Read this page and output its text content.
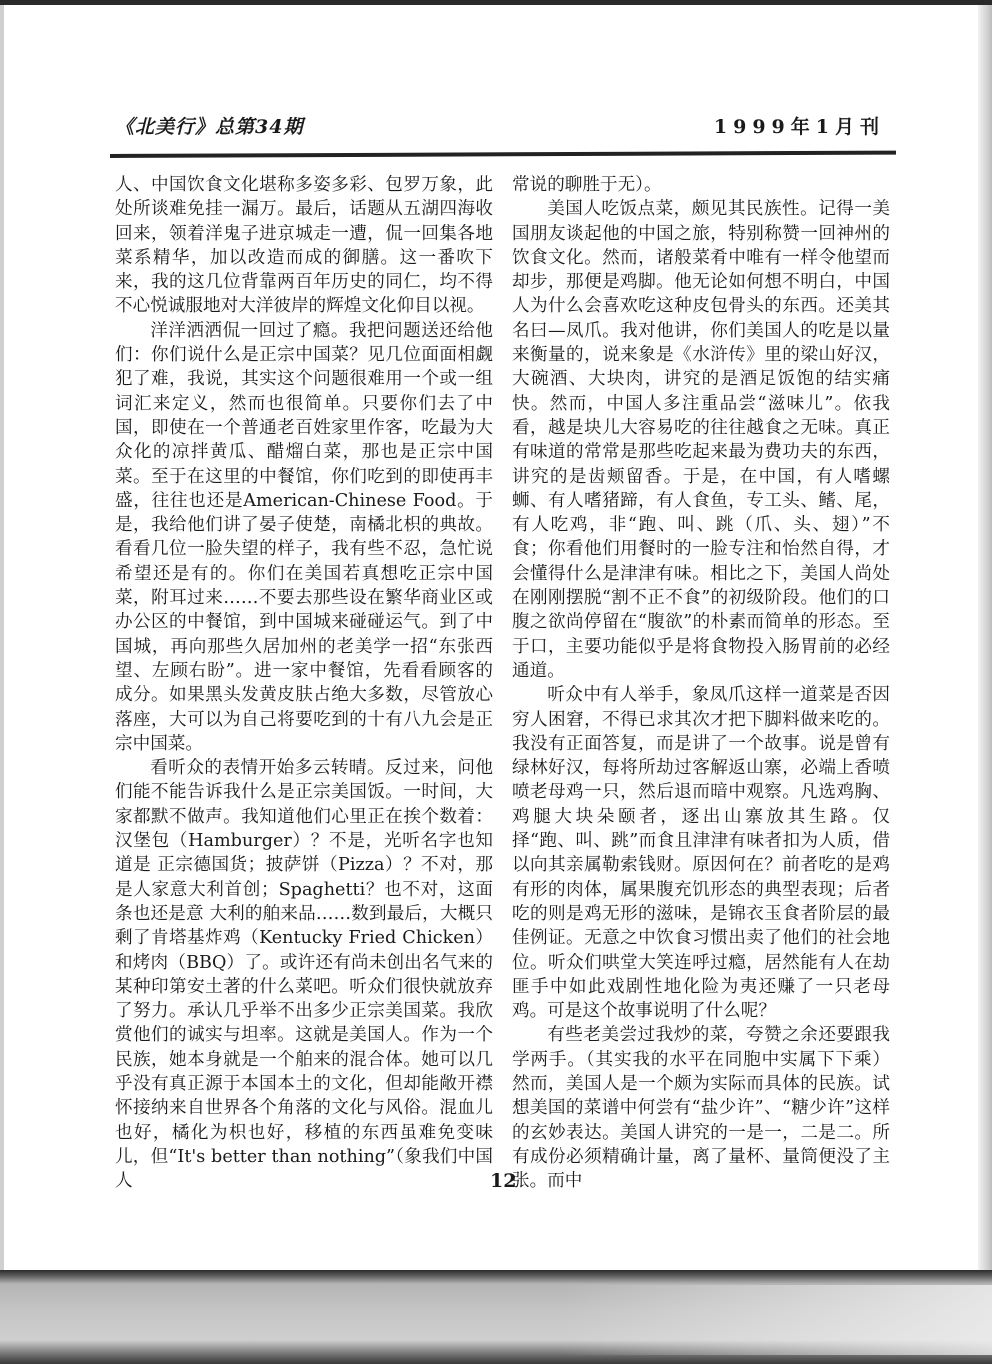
《北美行》总第34期	1999年1月刊

人、中国饮食文化堪称多姿多彩、包罗万象，此处所谈难免挂一漏万。最后，话题从五湖四海收回来，领着洋鬼子进京城走一遭，侃一回集各地菜系精华，加以改造而成的御膳。这一番吹下来，我的这几位背靠两百年历史的同仁，均不得不心悦诚服地对大洋彼岸的辉煌文化仰目以视。

洋洋洒洒侃一回过了瘾。我把问题送还给他们：你们说什么是正宗中国菜？见几位面面相觑犯了难，我说，其实这个问题很难用一个或一组词汇来定义，然而也很简单。只要你们去了中国，即使在一个普通老百姓家里作客，吃最为大众化的凉拌黄瓜、醋熘白菜，那也是正宗中国菜。至于在这里的中餐馆，你们吃到的即使再丰盛，往往也还是American-Chinese Food。于是，我给他们讲了晏子使楚，南橘北枳的典故。看看几位一脸失望的样子，我有些不忍，急忙说希望还是有的。你们在美国若真想吃正宗中国菜，附耳过来……不要去那些设在繁华商业区或办公区的中餐馆，到中国城来碰碰运气。到了中国城，再向那些久居加州的老美学一招“东张西 望、左顾右盼”。进一家中餐馆，先看看顾客的成分。如果黑头发黄皮肤占绝大多数，尽管放心落座，大可以为自己将要吃到的十有八九会是正宗中国菜。

看听众的表情开始多云转晴。反过来，问他们能不能告诉我什么是正宗美国饭。一时间，大 家都默不做声。我知道他们心里正在挨个数着：汉堡包（Hamburger）？不是，光听名字也知道是 正宗德国货；披萨饼（Pizza）？不对，那是人家意大利首创；Spaghetti？也不对，这面条也还是意 大利的舶来品……数到最后，大概只剩了肯塔基炸鸡（Kentucky Fried Chicken）和烤肉（BBQ）了。或许还有尚未创出名气来的某种印第安土著的什么菜吧。听众们很快就放弃了努力。承认几乎举不出多少正宗美国菜。我欣赏他们的诚实与坦率。这就是美国人。作为一个民族，她本身就是一个舶来的混合体。她可以几乎没有真正源于本国本土的文化，但却能敞开襟怀接纳来自世界各个角落的文化与风俗。混血儿也好，橘化为枳也好，移植的东西虽难免变味儿，但“It's better than nothing”（象我们中国人

常说的聊胜于无）。

美国人吃饭点菜，颇见其民族性。记得一美国朋友谈起他的中国之旅，特别称赞一回神州的饮食文化。然而，诸般菜肴中唯有一样令他望而却步，那便是鸡脚。他无论如何想不明白，中国人为什么会喜欢吃这种皮包骨头的东西。还美其名曰—凤爪。我对他讲，你们美国人的吃是以量来衡量的，说来象是《水浒传》里的梁山好汉，大碗酒、大块肉，讲究的是酒足饭饱的结实痛快。然而，中国人多注重品尝“滋味儿”。依我看，越是块儿大容易吃的往往越食之无味。真正有味道的常常是那些吃起来最为费功夫的东西，讲究的是齿颊留香。于是，在中国，有人嗜螺蛳、有人嗜猪蹄，有人食鱼，专工头、鳍、尾，有人吃鸡，非“跑、叫、跳（爪、头、翅）”不食；你看他们用餐时的一脸专注和怡然自得，才会懂得什么是津津有味。相比之下，美国人尚处在刚刚摆脱“割不正不食”的初级阶段。他们的口腹之欲尚停留在“腹欲”的朴素而简单的形态。至于口，主要功能似乎是将食物投入肠胃前的必经通道。

听众中有人举手，象凤爪这样一道菜是否因穷人困窘，不得已求其次才把下脚料做来吃的。我没有正面答复，而是讲了一个故事。说是曾有绿林好汉，每将所劫过客解返山寨，必端上香喷喷老母鸡一只，然后退而暗中观察。凡选鸡胸、鸡腿大块朵颐者，逐出山寨放其生路。仅择“跑、叫、跳”而食且津津有味者扣为人质，借以向其亲属勒索钱财。原因何在？前者吃的是鸡有形的肉体，属果腹充饥形态的典型表现；后者吃的则是鸡无形的滋味，是锦衣玉食者阶层的最佳例证。无意之中饮食习惯出卖了他们的社会地位。听众们哄堂大笑连呼过瘾，居然能有人在劫匪手中如此戏剧性地化险为夷还赚了一只老母鸡。可是这个故事说明了什么呢？

有些老美尝过我炒的菜，夸赞之余还要跟我学两手。（其实我的水平在同胞中实属下下乘）然而，美国人是一个颇为实际而具体的民族。试想美国的菜谱中何尝有“盐少许”、“糖少许”这样的玄妙表达。美国人讲究的一是一，二是二。所有成份必须精确计量，离了量杯、量筒便没了主张。而中

12
